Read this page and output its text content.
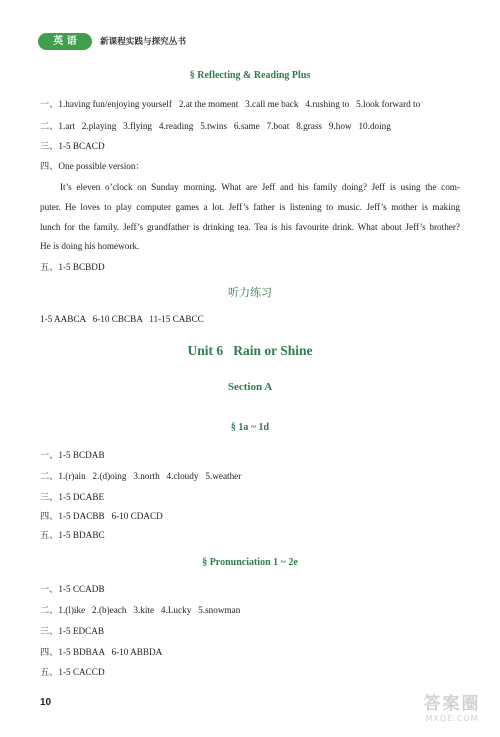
英 语	新课程实践与探究丛书
§ Reflecting & Reading Plus
一、1.having fun/enjoying yourself   2.at the moment   3.call me back   4.rushing to   5.look forward to
二、1.art   2.playing   3.flying   4.reading   5.twins   6.same   7.boat   8.grass   9.how   10.doing
三、1-5 BCACD
四、One possible version：
It’s eleven o’clock on Sunday morning. What are Jeff and his family doing? Jeff is using the com-
puter. He loves to play computer games a lot. Jeff’s father is listening to music. Jeff’s mother is making
lunch for the family. Jeff’s grandfather is drinking tea. Tea is his favourite drink. What about Jeff’s brother?
He is doing his homework.
五、1-5 BCBDD
听力练习
1-5 AABCA   6-10 CBCBA   11-15 CABCC
Unit 6   Rain or Shine
Section A
§ 1a ~ 1d
一、1-5 BCDAB
二、1.(r)ain   2.(d)oing   3.north   4.cloudy   5.weather
三、1-5 DCABE
四、1-5 DACBB   6-10 CDACD
五、1-5 BDABC
§ Pronunciation 1 ~ 2e
一、1-5 CCADB
二、1.(l)ike   2.(b)each   3.kite   4.Lucky   5.snowman
三、1-5 EDCAB
四、1-5 BDBAA   6-10 ABBDA
五、1-5 CACCD
10	答案圈
MXQE.COM
